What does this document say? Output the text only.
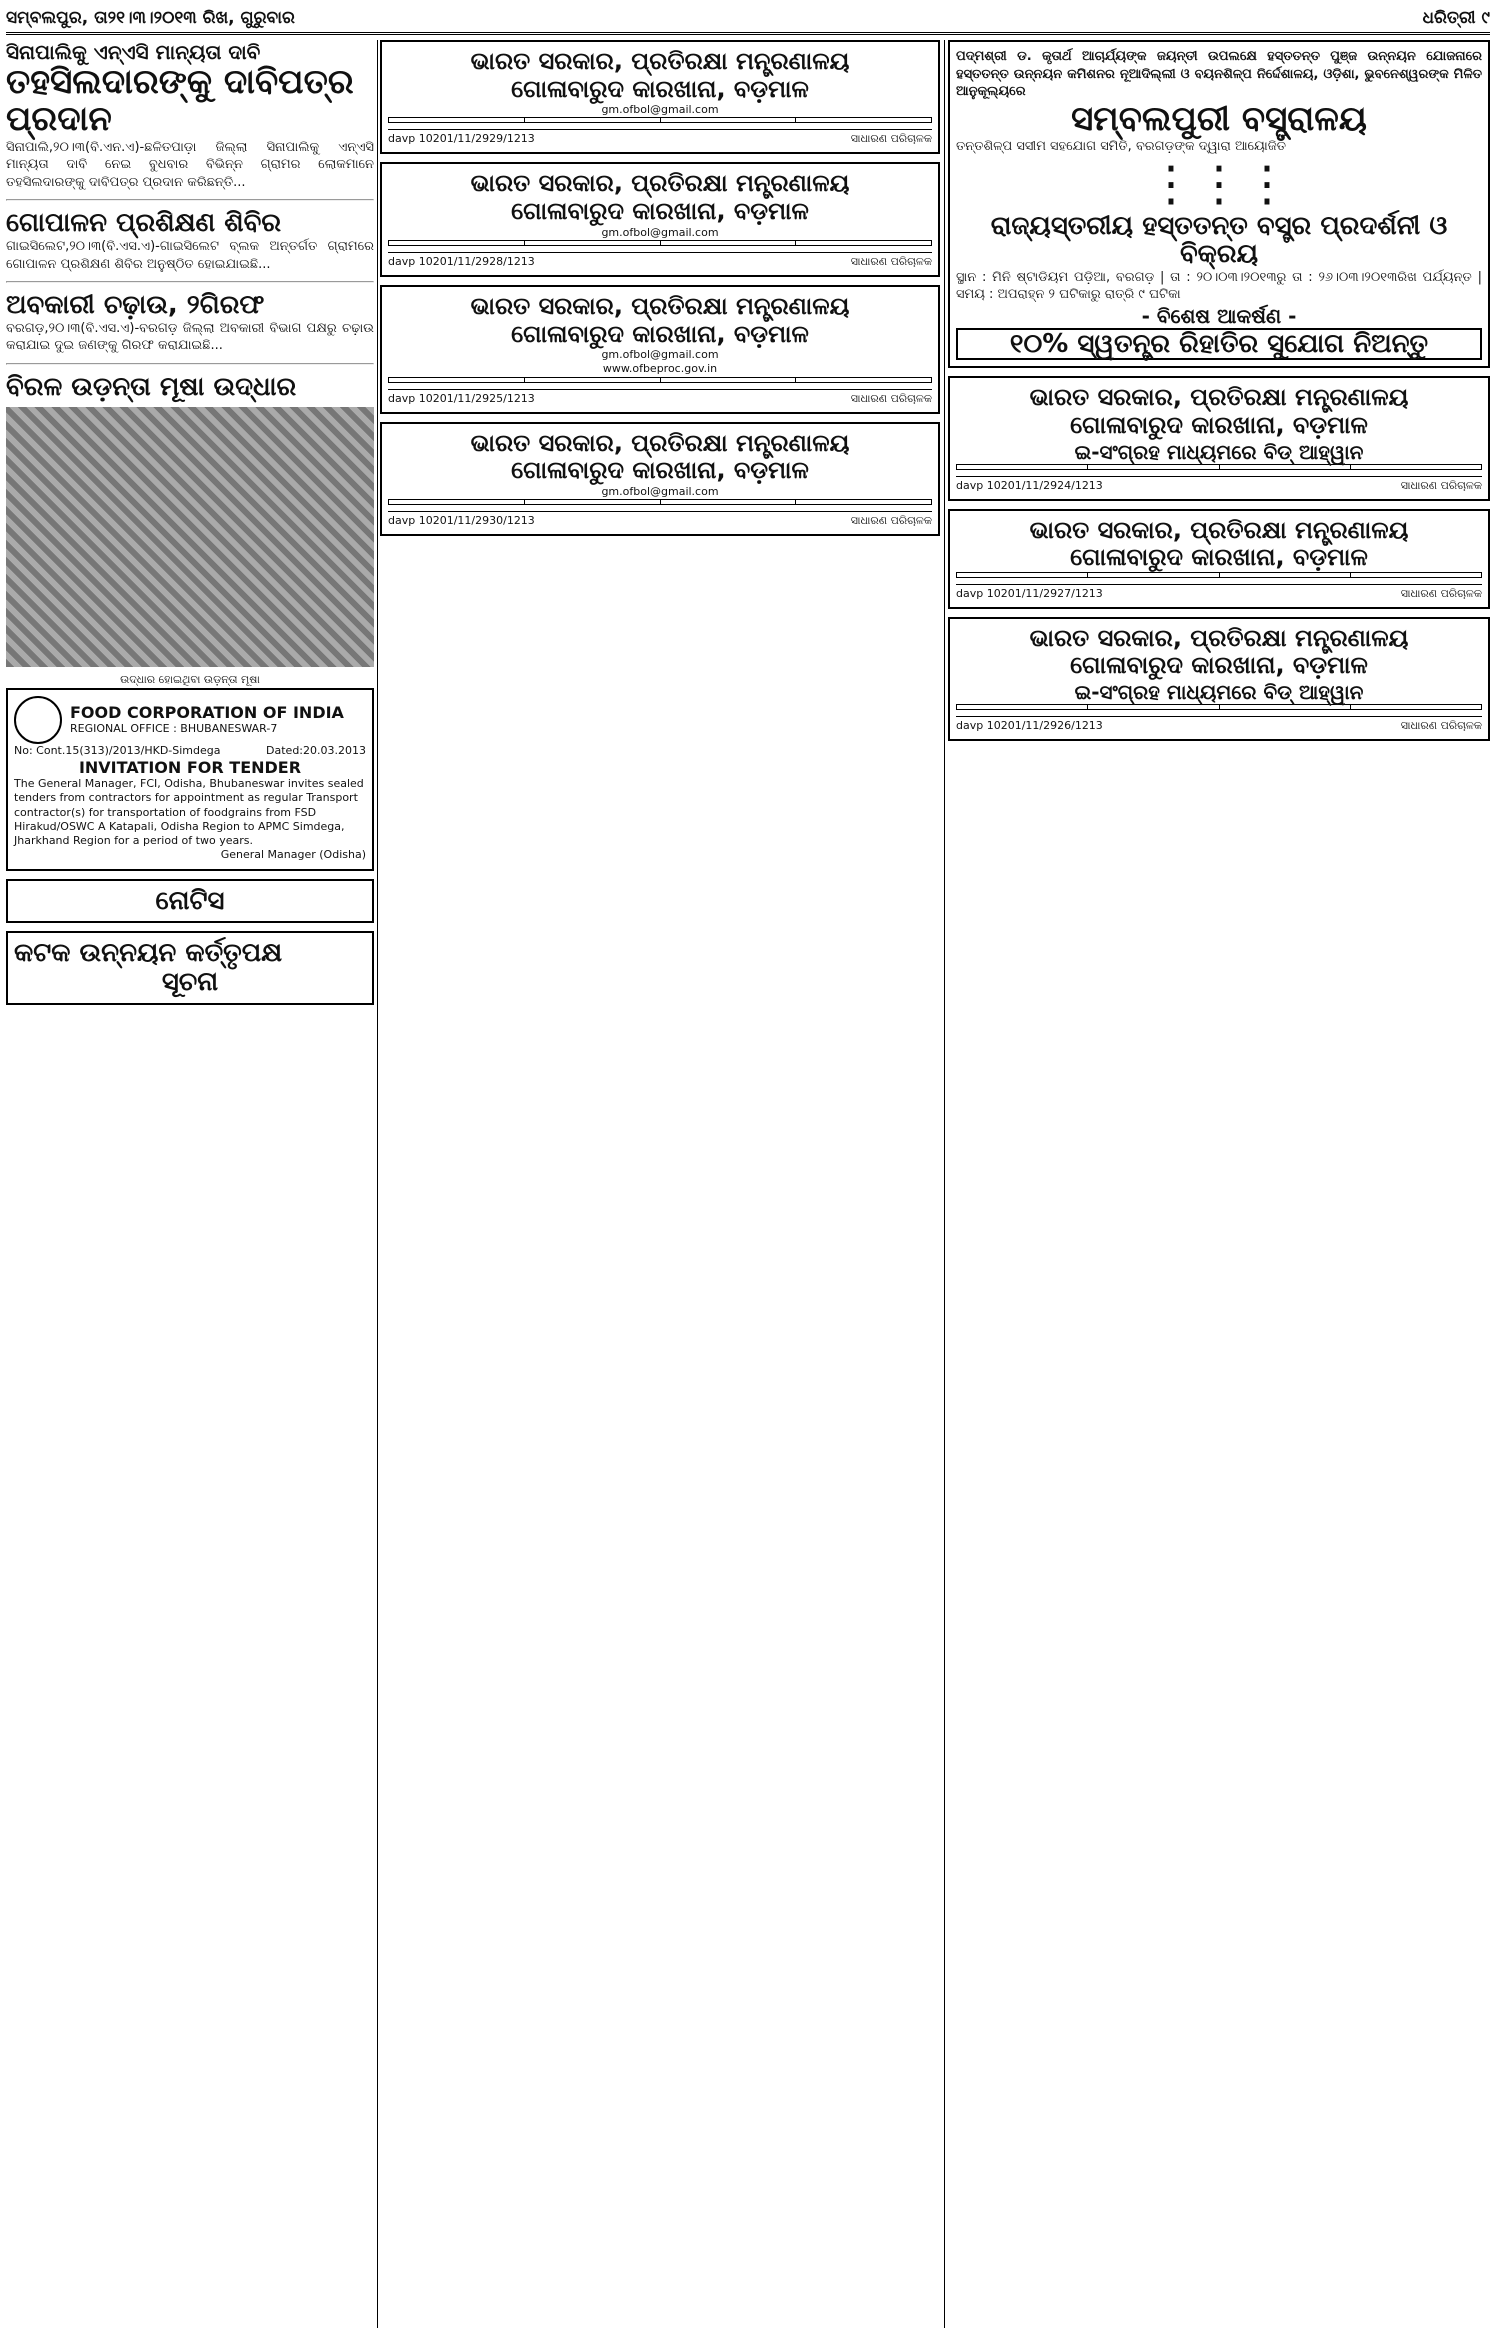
ସମ୍ବଲପୁର, ତା୨୧।୩।୨୦୧୩ ରିଖ, ଗୁରୁବାର	ଧରିତ୍ରୀ ୯
ସିନାପାଲିକୁ ଏନ୍ଏସି ମାନ୍ୟତା ଦାବି
ତହସିଲଦାରଙ୍କୁ ଦାବିପତ୍ର ପ୍ରଦାନ
ସିନାପାଲି,୨୦।୩(ବି.ଏନ.ଏ)-ଛଳିତପାଡ଼ା ଜିଲ୍ଲା ସିନାପାଲିକୁ ଏନ୍ଏସି ମାନ୍ୟତା ଦାବି ନେଇ ବୁଧବାର ବିଭିନ୍ନ ଗ୍ରାମର ଲୋକମାନେ ତହସିଲଦାରଙ୍କୁ ଦାବିପତ୍ର ପ୍ରଦାନ କରିଛନ୍ତି...
ଗୋପାଳନ ପ୍ରଶିକ୍ଷଣ ଶିବିର
ଗାଇସିଲେଟ,୨୦।୩(ବି.ଏସ.ଏ)-ଗାଇସିଲେଟ ବ୍ଲକ ଅନ୍ତର୍ଗତ ଗ୍ରାମରେ ଗୋପାଳନ ପ୍ରଶିକ୍ଷଣ ଶିବିର ଅନୁଷ୍ଠିତ ହୋଇଯାଇଛି...
ଅବକାରୀ ଚଢ଼ାଉ, ୨ଗିରଫ
ବରଗଡ଼,୨୦।୩(ବି.ଏସ.ଏ)-ବରଗଡ଼ ଜିଲ୍ଲା ଅବକାରୀ ବିଭାଗ ପକ୍ଷରୁ ଚଢ଼ାଉ କରାଯାଇ ଦୁଇ ଜଣଙ୍କୁ ଗିରଫ କରାଯାଇଛି...
ବିରଳ ଉଡ଼ନ୍ତା ମୂଷା ଉଦ୍ଧାର
ଉଦ୍ଧାର ହୋଇଥିବା ଉଡ଼ନ୍ତା ମୂଷା
FOOD CORPORATION OF INDIA
REGIONAL OFFICE : BHUBANESWAR-7
No: Cont.15(313)/2013/HKD-Simdega	Dated:20.03.2013
INVITATION FOR TENDER
The General Manager, FCI, Odisha, Bhubaneswar invites sealed tenders from contractors for appointment as regular Transport contractor(s) for transportation of foodgrains from FSD Hirakud/OSWC A Katapali, Odisha Region to APMC Simdega, Jharkhand Region for a period of two years.
General Manager (Odisha)
ନୋଟିସ
କଟକ ଉନ୍ନୟନ କର୍ତ୍ତୃପକ୍ଷ
ସୂଚନା
ଭାରତ ସରକାର, ପ୍ରତିରକ୍ଷା ମନ୍ତ୍ରଣାଳୟ
ଗୋଳାବାରୁଦ କାରଖାନା, ବଡ଼ମାଳ
gm.ofbol@gmail.com
davp 10201/11/2929/1213	ସାଧାରଣ ପରିଚାଳକ
ଭାରତ ସରକାର, ପ୍ରତିରକ୍ଷା ମନ୍ତ୍ରଣାଳୟ
ଗୋଳାବାରୁଦ କାରଖାନା, ବଡ଼ମାଳ
gm.ofbol@gmail.com
davp 10201/11/2928/1213	ସାଧାରଣ ପରିଚାଳକ
ଭାରତ ସରକାର, ପ୍ରତିରକ୍ଷା ମନ୍ତ୍ରଣାଳୟ
ଗୋଳାବାରୁଦ କାରଖାନା, ବଡ଼ମାଳ
gm.ofbol@gmail.com
www.ofbeproc.gov.in
davp 10201/11/2925/1213	ସାଧାରଣ ପରିଚାଳକ
ଭାରତ ସରକାର, ପ୍ରତିରକ୍ଷା ମନ୍ତ୍ରଣାଳୟ
ଗୋଳାବାରୁଦ କାରଖାନା, ବଡ଼ମାଳ
gm.ofbol@gmail.com
davp 10201/11/2930/1213	ସାଧାରଣ ପରିଚାଳକ
ପଦ୍ମଶ୍ରୀ ଡ. କୃତାର୍ଥ ଆଚାର୍ଯ୍ୟଙ୍କ ଜୟନ୍ତୀ ଉପଲକ୍ଷେ ହସ୍ତତନ୍ତ ପୁଞ୍ଜ ଉନ୍ନୟନ ଯୋଜନାରେ ହସ୍ତତନ୍ତ ଉନ୍ନୟନ କମିଶନର ନୂଆଦିଲ୍ଲୀ ଓ ବୟନଶିଳ୍ପ ନିର୍ଦ୍ଦେଶାଳୟ, ଓଡ଼ିଶା, ଭୁବନେଶ୍ୱରଙ୍କ ମିଳିତ ଆନୁକୂଲ୍ୟରେ
ସମ୍ବଲପୁରୀ ବସ୍ତ୍ରାଳୟ
ତନ୍ତଶିଳ୍ପ ସସୀମ ସହଯୋଗ ସମିତି, ବରଗଡ଼ଙ୍କ ଦ୍ୱାରା ଆୟୋଜିତ
⋮⋮⋮
ରାଜ୍ୟସ୍ତରୀୟ ହସ୍ତତନ୍ତ ବସ୍ତ୍ର ପ୍ରଦର୍ଶନୀ ଓ ବିକ୍ରୟ
ସ୍ଥାନ : ମିନି ଷ୍ଟାଡିୟମ ପଡ଼ିଆ, ବରଗଡ଼ | ତା : ୨୦।୦୩।୨୦୧୩ରୁ ତା : ୨୬।୦୩।୨୦୧୩ରିଖ ପର୍ଯ୍ୟନ୍ତ | ସମୟ : ଅପରାହ୍ନ ୨ ଘଟିକାରୁ ରାତ୍ରି ୯ ଘଟିକା
- ବିଶେଷ ଆକର୍ଷଣ -
୧୦% ସ୍ୱତନ୍ତ୍ର ରିହାତିର ସୁଯୋଗ ନିଅନ୍ତୁ
ଭାରତ ସରକାର, ପ୍ରତିରକ୍ଷା ମନ୍ତ୍ରଣାଳୟ
ଗୋଳାବାରୁଦ କାରଖାନା, ବଡ଼ମାଳ
ଇ-ସଂଗ୍ରହ ମାଧ୍ୟମରେ ବିଡ୍ ଆହ୍ୱାନ
davp 10201/11/2924/1213	ସାଧାରଣ ପରିଚାଳକ
ଭାରତ ସରକାର, ପ୍ରତିରକ୍ଷା ମନ୍ତ୍ରଣାଳୟ
ଗୋଳାବାରୁଦ କାରଖାନା, ବଡ଼ମାଳ
davp 10201/11/2927/1213	ସାଧାରଣ ପରିଚାଳକ
ଭାରତ ସରକାର, ପ୍ରତିରକ୍ଷା ମନ୍ତ୍ରଣାଳୟ
ଗୋଳାବାରୁଦ କାରଖାନା, ବଡ଼ମାଳ
ଇ-ସଂଗ୍ରହ ମାଧ୍ୟମରେ ବିଡ୍ ଆହ୍ୱାନ
davp 10201/11/2926/1213	ସାଧାରଣ ପରିଚାଳକ
